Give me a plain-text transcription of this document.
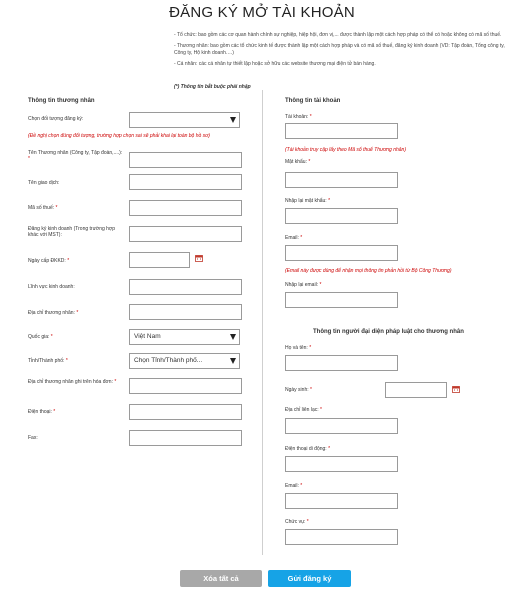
ĐĂNG KÝ MỞ TÀI KHOẢN

- Tổ chức: bao gồm các cơ quan hành chính sự nghiệp, hiệp hội, đơn vị,... được thành lập một cách hợp pháp có thể có hoặc không có mã số thuế.

- Thương nhân: bao gồm các tổ chức kinh tế được thành lập một cách hợp pháp và có mã số thuế, đăng ký kinh doanh (VD: Tập đoàn, Tổng công ty, Công ty, Hộ kinh doanh….)

- Cá nhân: các cá nhân tự thiết lập hoặc sở hữu các website thương mại điện tử bán hàng.

(*) Thông tin bắt buộc phải nhập
Thông tin thương nhân
Chọn đối tượng đăng ký:
(Đề nghị chọn đúng đối tượng, trường hợp chọn sai sẽ phải khai lại toàn bộ hồ sơ)
Tên Thương nhân (Công ty, Tập đoàn,....): *
Tên giao dịch:
Mã số thuế: *
Đăng ký kinh doanh (Trong trường hợp khác với MST):
Ngày cấp ĐKKD: *
Lĩnh vực kinh doanh:
Địa chỉ thương nhân: *
Quốc gia: *	Việt Nam
Tỉnh/Thành phố: *	Chọn Tỉnh/Thành phố...
Địa chỉ thương nhân ghi trên hóa đơn: *
Điện thoại: *
Fax:
Thông tin tài khoản
Tài khoản: *
(Tài khoản truy cập lấy theo Mã số thuế Thương nhân)
Mật khẩu: *
Nhập lại mật khẩu: *
Email: *
(Email này được dùng để nhận mọi thông tin phản hồi từ Bộ Công Thương)
Nhập lại email: *
Thông tin người đại diện pháp luật cho thương nhân
Họ và tên: *
Ngày sinh: *
Địa chỉ liên lạc: *
Điện thoại di động: *
Email: *
Chức vụ: *
Xóa tất cả	Gửi đăng ký
